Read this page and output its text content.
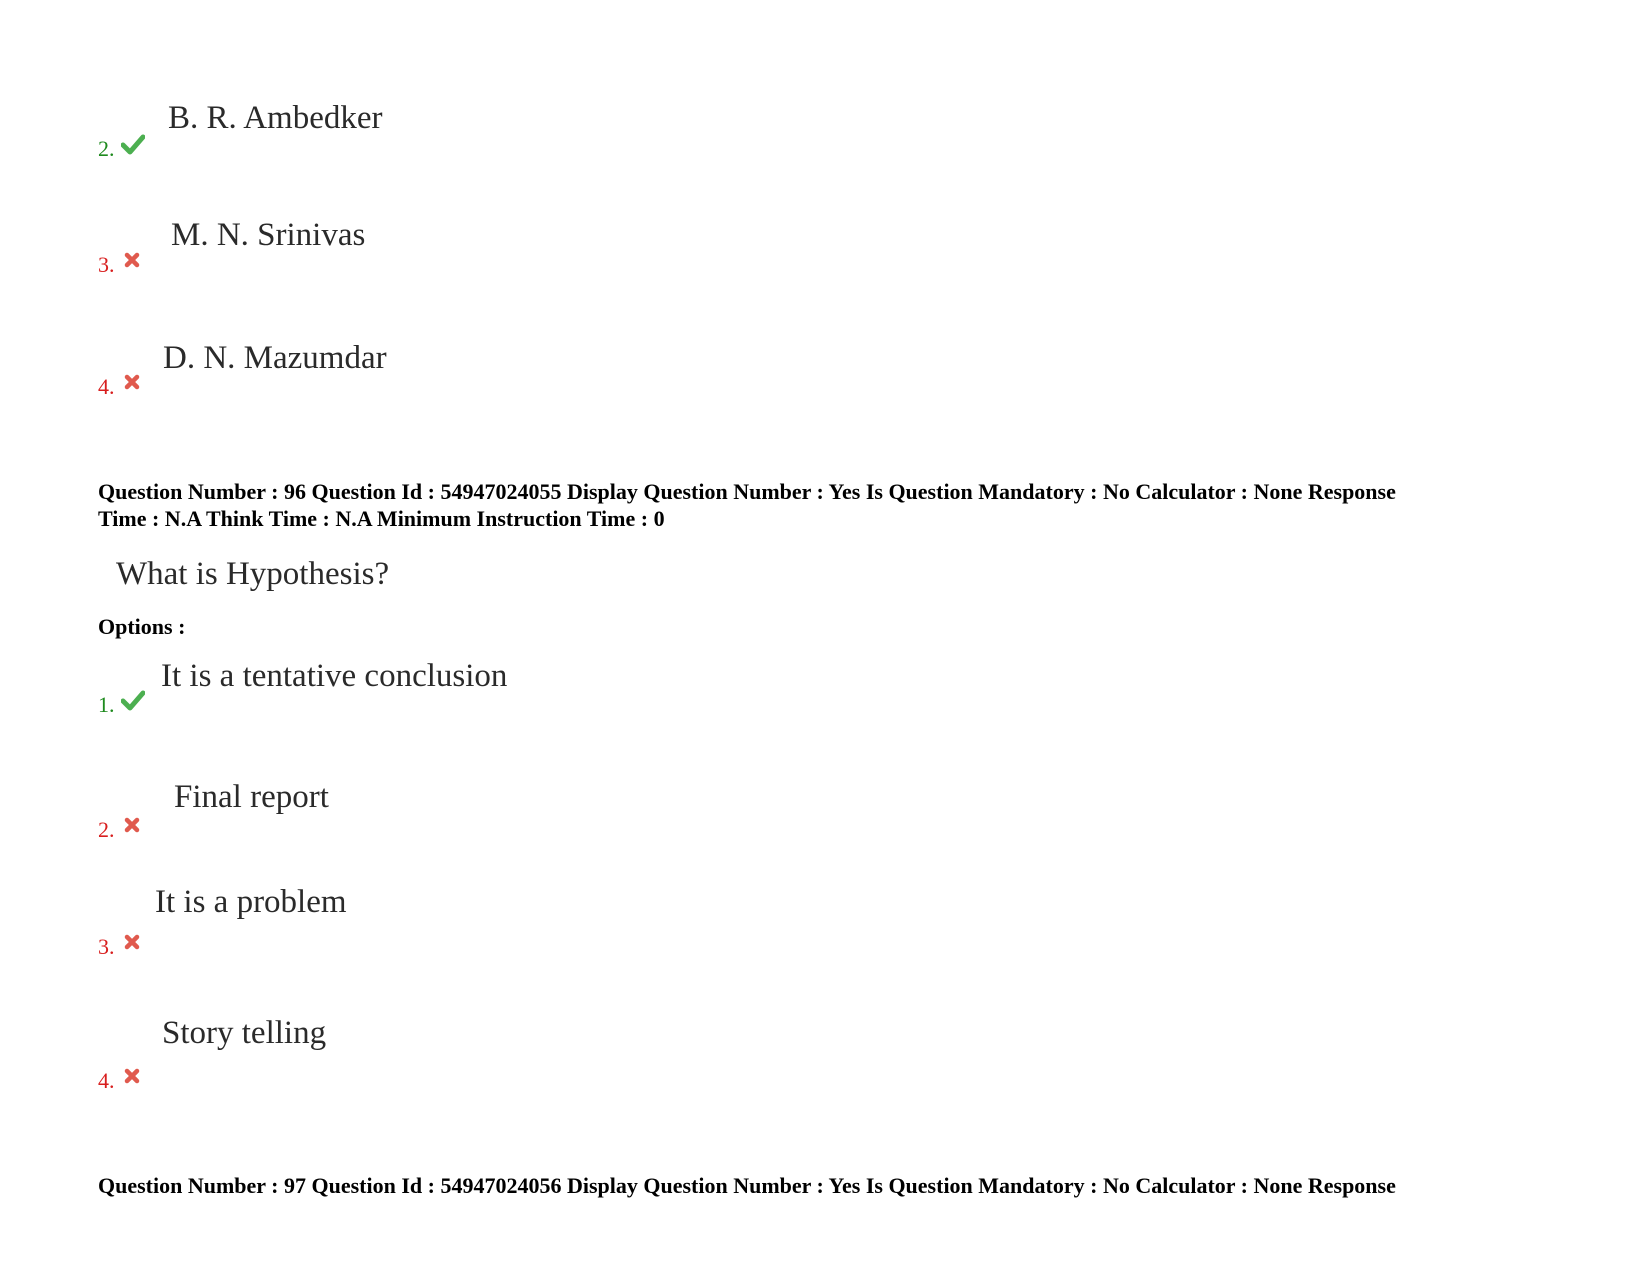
2.
B. R. Ambedker
3.
M. N. Srinivas
4.
D. N. Mazumdar
Question Number : 96 Question Id : 54947024055 Display Question Number : Yes Is Question Mandatory : No Calculator : None Response
Time : N.A Think Time : N.A Minimum Instruction Time : 0
What is Hypothesis?
Options :
1.
It is a tentative conclusion
2.
Final report
3.
It is a problem
4.
Story telling
Question Number : 97 Question Id : 54947024056 Display Question Number : Yes Is Question Mandatory : No Calculator : None Response
